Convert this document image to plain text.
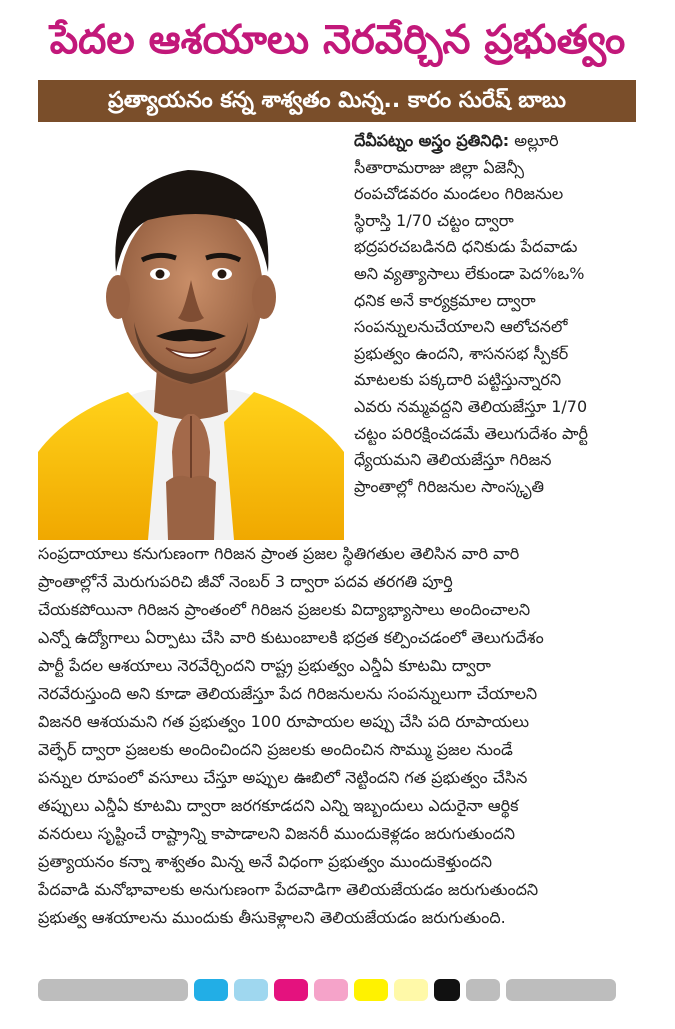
పేదల ఆశయాలు నెరవేర్చిన ప్రభుత్వం
ప్రత్యాయనం కన్న శాశ్వతం మిన్న.. కారం సురేష్ బాబు
దేవీపట్నం అస్త్రం ప్రతినిధి: అల్లూరి
సీతారామరాజు జిల్లా ఏజెన్సీ
రంపచోడవరం మండలం గిరిజనుల
స్థిరాస్తి 1/70 చట్టం ద్వారా
భద్రపరచబడినది ధనికుడు పేదవాడు
అని వ్యత్యాసాలు లేకుండా పెద%ఒ%
ధనిక అనే కార్యక్రమాల ద్వారా
సంపన్నులనుచేయాలని ఆలోచనలో
ప్రభుత్వం ఉందని, శాసనసభ స్పీకర్
మాటలకు పక్కదారి పట్టిస్తున్నారని
ఎవరు నమ్మవద్దని తెలియజేస్తూ 1/70
చట్టం పరిరక్షించడమే తెలుగుదేశం పార్టీ
ధ్యేయమని తెలియజేస్తూ గిరిజన
ప్రాంతాల్లో గిరిజనుల సాంస్కృతి
సంప్రదాయాలు కనుగుణంగా గిరిజన ప్రాంత ప్రజల స్థితిగతుల తెలిసిన వారి వారి
ప్రాంతాల్లోనే మెరుగుపరిచి జీవో నెంబర్ 3 ద్వారా పదవ తరగతి పూర్తి
చేయకపోయినా గిరిజన ప్రాంతంలో గిరిజన ప్రజలకు విద్యాభ్యాసాలు అందించాలని
ఎన్నో ఉద్యోగాలు ఏర్పాటు చేసి వారి కుటుంబాలకి భద్రత కల్పించడంలో తెలుగుదేశం
పార్టీ పేదల ఆశయాలు నెరవేర్చిందని రాష్ట్ర ప్రభుత్వం ఎన్డీఏ కూటమి ద్వారా
నెరవేరుస్తుంది అని కూడా తెలియజేస్తూ పేద గిరిజనులను సంపన్నులుగా చేయాలని
విజనరి ఆశయమని గత ప్రభుత్వం 100 రూపాయల అప్పు చేసి పది రూపాయలు
వెల్ఫేర్ ద్వారా ప్రజలకు అందించిందని ప్రజలకు అందించిన సొమ్ము ప్రజల నుండే
పన్నుల రూపంలో వసూలు చేస్తూ అప్పుల ఊబిలో నెట్టిందని గత ప్రభుత్వం చేసిన
తప్పులు ఎన్డీఏ కూటమి ద్వారా జరగకూడదని ఎన్ని ఇబ్బందులు ఎదురైనా ఆర్థిక
వనరులు సృష్టించే రాష్ట్రాన్ని కాపాడాలని విజనరీ ముందుకెళ్లడం జరుగుతుందని
ప్రత్యాయనం కన్నా శాశ్వతం మిన్న అనే విధంగా ప్రభుత్వం ముందుకెళ్తుందని
పేదవాడి మనోభావాలకు అనుగుణంగా పేదవాడిగా తెలియజేయడం జరుగుతుందని
ప్రభుత్వ ఆశయాలను ముందుకు తీసుకెళ్లాలని తెలియజేయడం జరుగుతుంది.
